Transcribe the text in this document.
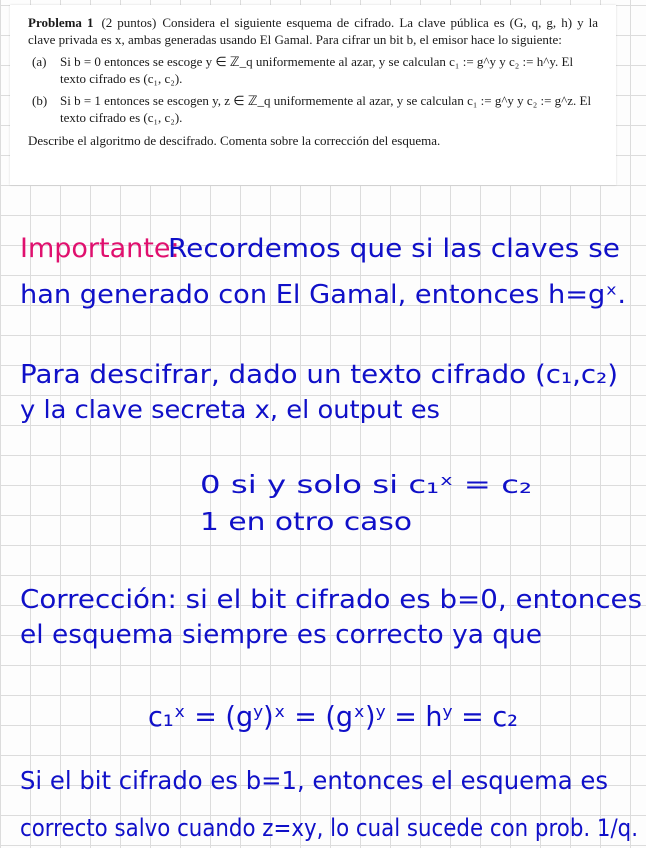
Problema 1 (2 puntos) Considera el siguiente esquema de cifrado. La clave pública es (G, q, g, h) y la clave privada es x, ambas generadas usando El Gamal. Para cifrar un bit b, el emisor hace lo siguiente:

(a)	Si b = 0 entonces se escoge y ∈ ℤ_q uniformemente al azar, y se calculan c₁ := g^y y c₂ := h^y. El texto cifrado es (c₁, c₂).
(b) Si b = 1 entonces se escogen y, z ∈ ℤ_q uniformemente al azar, y se calculan c₁ := g^y y c₂ := g^z. El texto cifrado es (c₁, c₂).

Describe el algoritmo de descifrado. Comenta sobre la corrección del esquema.

Importante:
Recordemos que si las claves se
han generado con El Gamal, entonces h=gˣ.
Para descifrar, dado un texto cifrado (c₁,c₂)
y la clave secreta x, el output es
0 si y solo si c₁ˣ = c₂
1 en otro caso
Corrección: si el bit cifrado es b=0, entonces
el esquema siempre es correcto ya que
c₁ˣ = (gʸ)ˣ = (gˣ)ʸ = hʸ = c₂
Si el bit cifrado es b=1, entonces el esquema es
correcto salvo cuando z=xy, lo cual sucede con prob. 1/q.
